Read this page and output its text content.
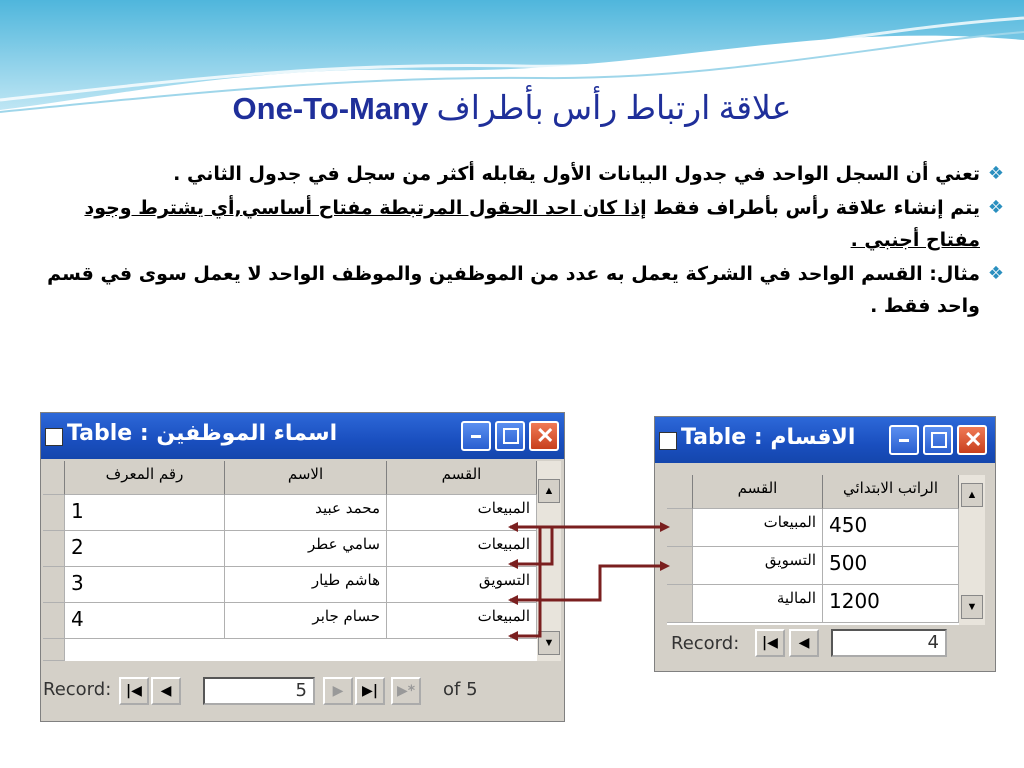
علاقة ارتباط رأس بأطراف One-To-Many
❖
تعني أن السجل الواحد في جدول البيانات الأول يقابله أكثر من سجل في جدول الثاني .
❖
يتم إنشاء علاقة رأس بأطراف فقط إذا كان احد الحقول المرتبطة مفتاح أساسي,أي يشترط وجود مفتاح أجنبي .
❖
مثال: القسم الواحد في الشركة يعمل به عدد من الموظفين والموظف الواحد لا يعمل سوى في قسم واحد فقط .
Table : اسماء الموظفين	✕
رقم المعرف	الاسم	القسم
1	محمد عبيد	المبيعات
2	سامي عطر	المبيعات
3	هاشم طيار	التسويق
4	حسام جابر	المبيعات
▲
▼
Record:	|◀	◀	5	▶	▶|	▶*	of 5
Table : الاقسام	✕
القسم	الراتب الابتدائي
المبيعات 450
التسويق 500
المالية 1200
▲
▼
Record:	|◀	◀	4
